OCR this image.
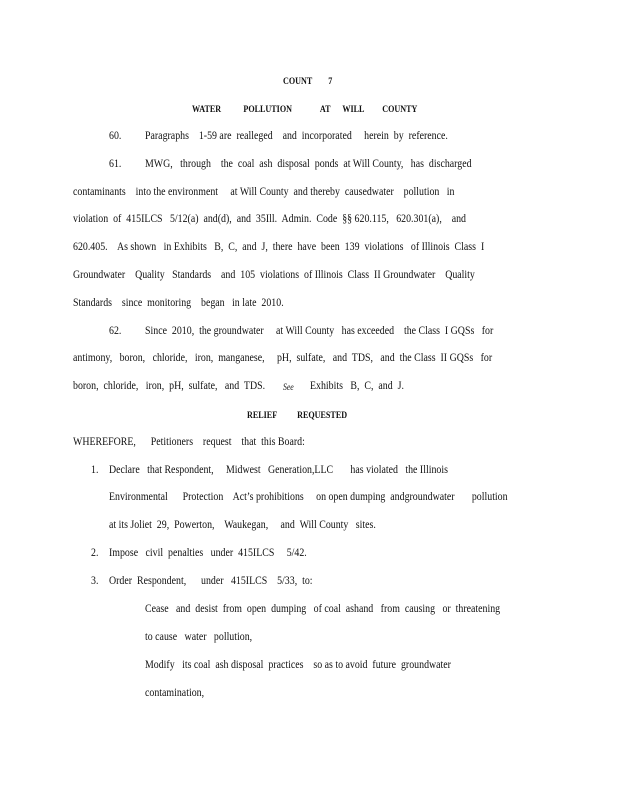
COUNT        7
WATER           POLLUTION              AT      WILL         COUNTY
60. Paragraphs    1-59 are  realleged    and  incorporated     herein  by  reference.
61. MWG,   through    the  coal  ash  disposal  ponds  at Will County,   has  discharged
contaminants    into the environment     at Will County  and thereby  causedwater    pollution   in
violation  of  415ILCS   5/12(a)  and(d),  and  35Ill.  Admin.  Code  §§ 620.115,   620.301(a),    and
620.405.    As shown   in Exhibits   B,  C,  and  J,  there  have  been  139  violations   of Illinois  Class  I
Groundwater    Quality   Standards    and  105  violations  of Illinois  Class  II Groundwater    Quality
Standards    since  monitoring    began   in late  2010.
62. Since  2010,  the groundwater     at Will County   has exceeded    the Class  I GQSs   for
antimony,   boron,   chloride,   iron,  manganese,     pH,  sulfate,   and  TDS,   and  the Class  II GQSs   for
boron,  chloride,   iron,  pH,  sulfate,   and  TDS. See Exhibits   B,  C,  and  J.
RELIEF          REQUESTED
WHEREFORE,      Petitioners    request    that  this Board:
1. Declare   that Respondent,     Midwest   Generation,LLC       has violated   the Illinois
Environmental      Protection    Act’s prohibitions     on open dumping  andgroundwater       pollution
at its Joliet  29,  Powerton,    Waukegan,     and  Will County   sites.
2. Impose   civil  penalties   under  415ILCS     5/42.
3. Order  Respondent,      under   415ILCS    5/33,  to:
Cease   and  desist  from  open  dumping   of coal  ashand   from  causing   or  threatening
to cause   water   pollution,
Modify   its coal  ash disposal  practices    so as to avoid  future  groundwater
contamination,
